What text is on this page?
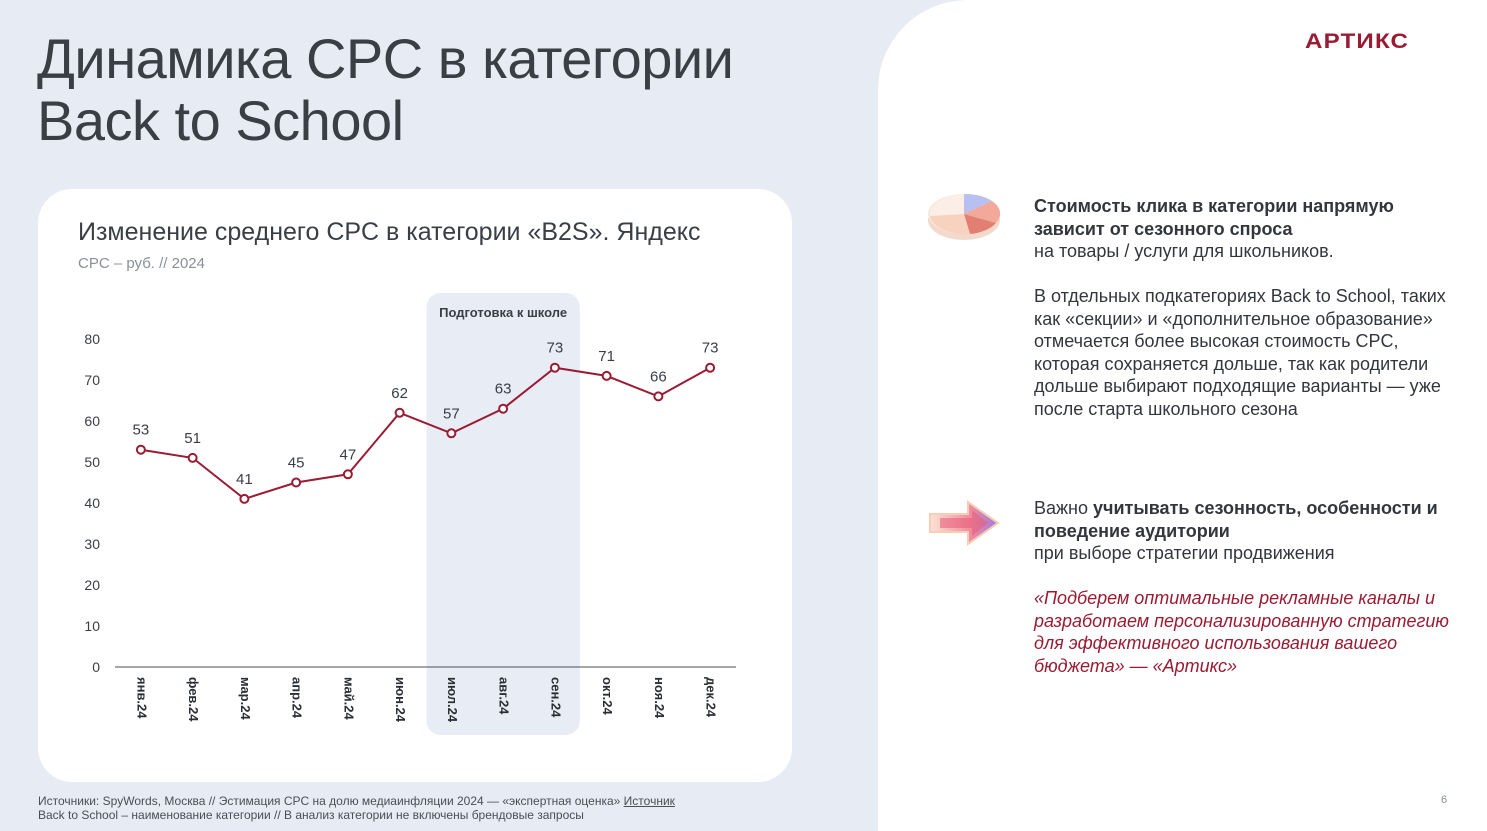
Динамика CPC в категории
Back to School
АРТИКС
Изменение среднего CPC в категории «B2S». Яндекс
CPC – руб. // 2024
Подготовка к школе
0
10
20
30
40
50
60
70
80
янв.24	фев.24	мар.24	апр.24	май.24	июн.24	июл.24	авг.24	сен.24	окт.24	ноя.24	дек.24
53 51
41
45 47
62
57
63
73 71
66
73
Стоимость клика в категории напрямую зависит от сезонного спроса
на товары / услуги для школьников.
В отдельных подкатегориях Back to School, таких как «секции» и «дополнительное образование» отмечается более высокая стоимость CPC, которая сохраняется дольше, так как родители дольше выбирают подходящие варианты — уже после старта школьного сезона
Важно учитывать сезонность, особенности и поведение аудитории
при выборе стратегии продвижения
«Подберем оптимальные рекламные каналы и разработаем персонализированную стратегию для эффективного использования вашего бюджета» — «Артикс»
Источники: SpyWords, Москва // Эстимация CPC на долю медиаинфляции 2024 — «экспертная оценка» Источник
Back to School – наименование категории // В анализ категории не включены брендовые запросы
6
